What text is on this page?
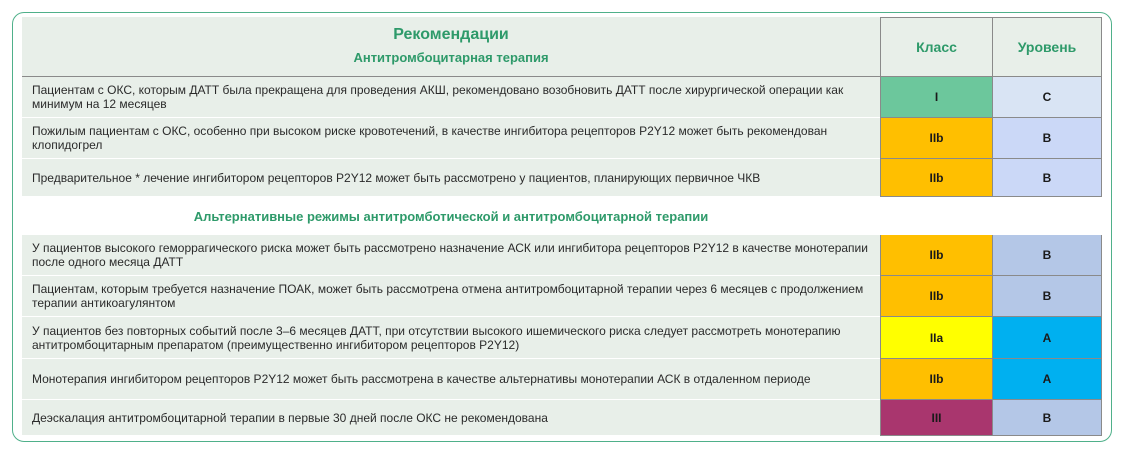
Рекомендации
Антитромбоцитарная терапия
Класс	Уровень
Пациентам с ОКС, которым ДАТТ была прекращена для проведения АКШ, рекомендовано возобновить ДАТТ после хирургической операции как минимум на 12 месяцев	I	C
Пожилым пациентам с ОКС, особенно при высоком риске кровотечений, в качестве ингибитора рецепторов P2Y12 может быть рекомендован клопидогрел	IIb	B
Предварительное * лечение ингибитором рецепторов P2Y12 может быть рассмотрено у пациентов, планирующих первичное ЧКВ	IIb	B
Альтернативные режимы антитромботической и антитромбоцитарной терапии
У пациентов высокого геморрагического риска может быть рассмотрено назначение АСК или ингибитора рецепторов P2Y12 в качестве монотерапии после одного месяца ДАТТ	IIb	B
Пациентам, которым требуется назначение ПОАК, может быть рассмотрена отмена антитромбоцитарной терапии через 6 месяцев с продолжением терапии антикоагулянтом	IIb	B
У пациентов без повторных событий после 3–6 месяцев ДАТТ, при отсутствии высокого ишемического риска следует рассмотреть монотерапию антитромбоцитарным препаратом (преимущественно ингибитором рецепторов P2Y12)	IIa	A
Монотерапия ингибитором рецепторов P2Y12 может быть рассмотрена в качестве альтернативы монотерапии АСК в отдаленном периоде	IIb	A
Деэскалация антитромбоцитарной терапии в первые 30 дней после ОКС не рекомендована	III	B
